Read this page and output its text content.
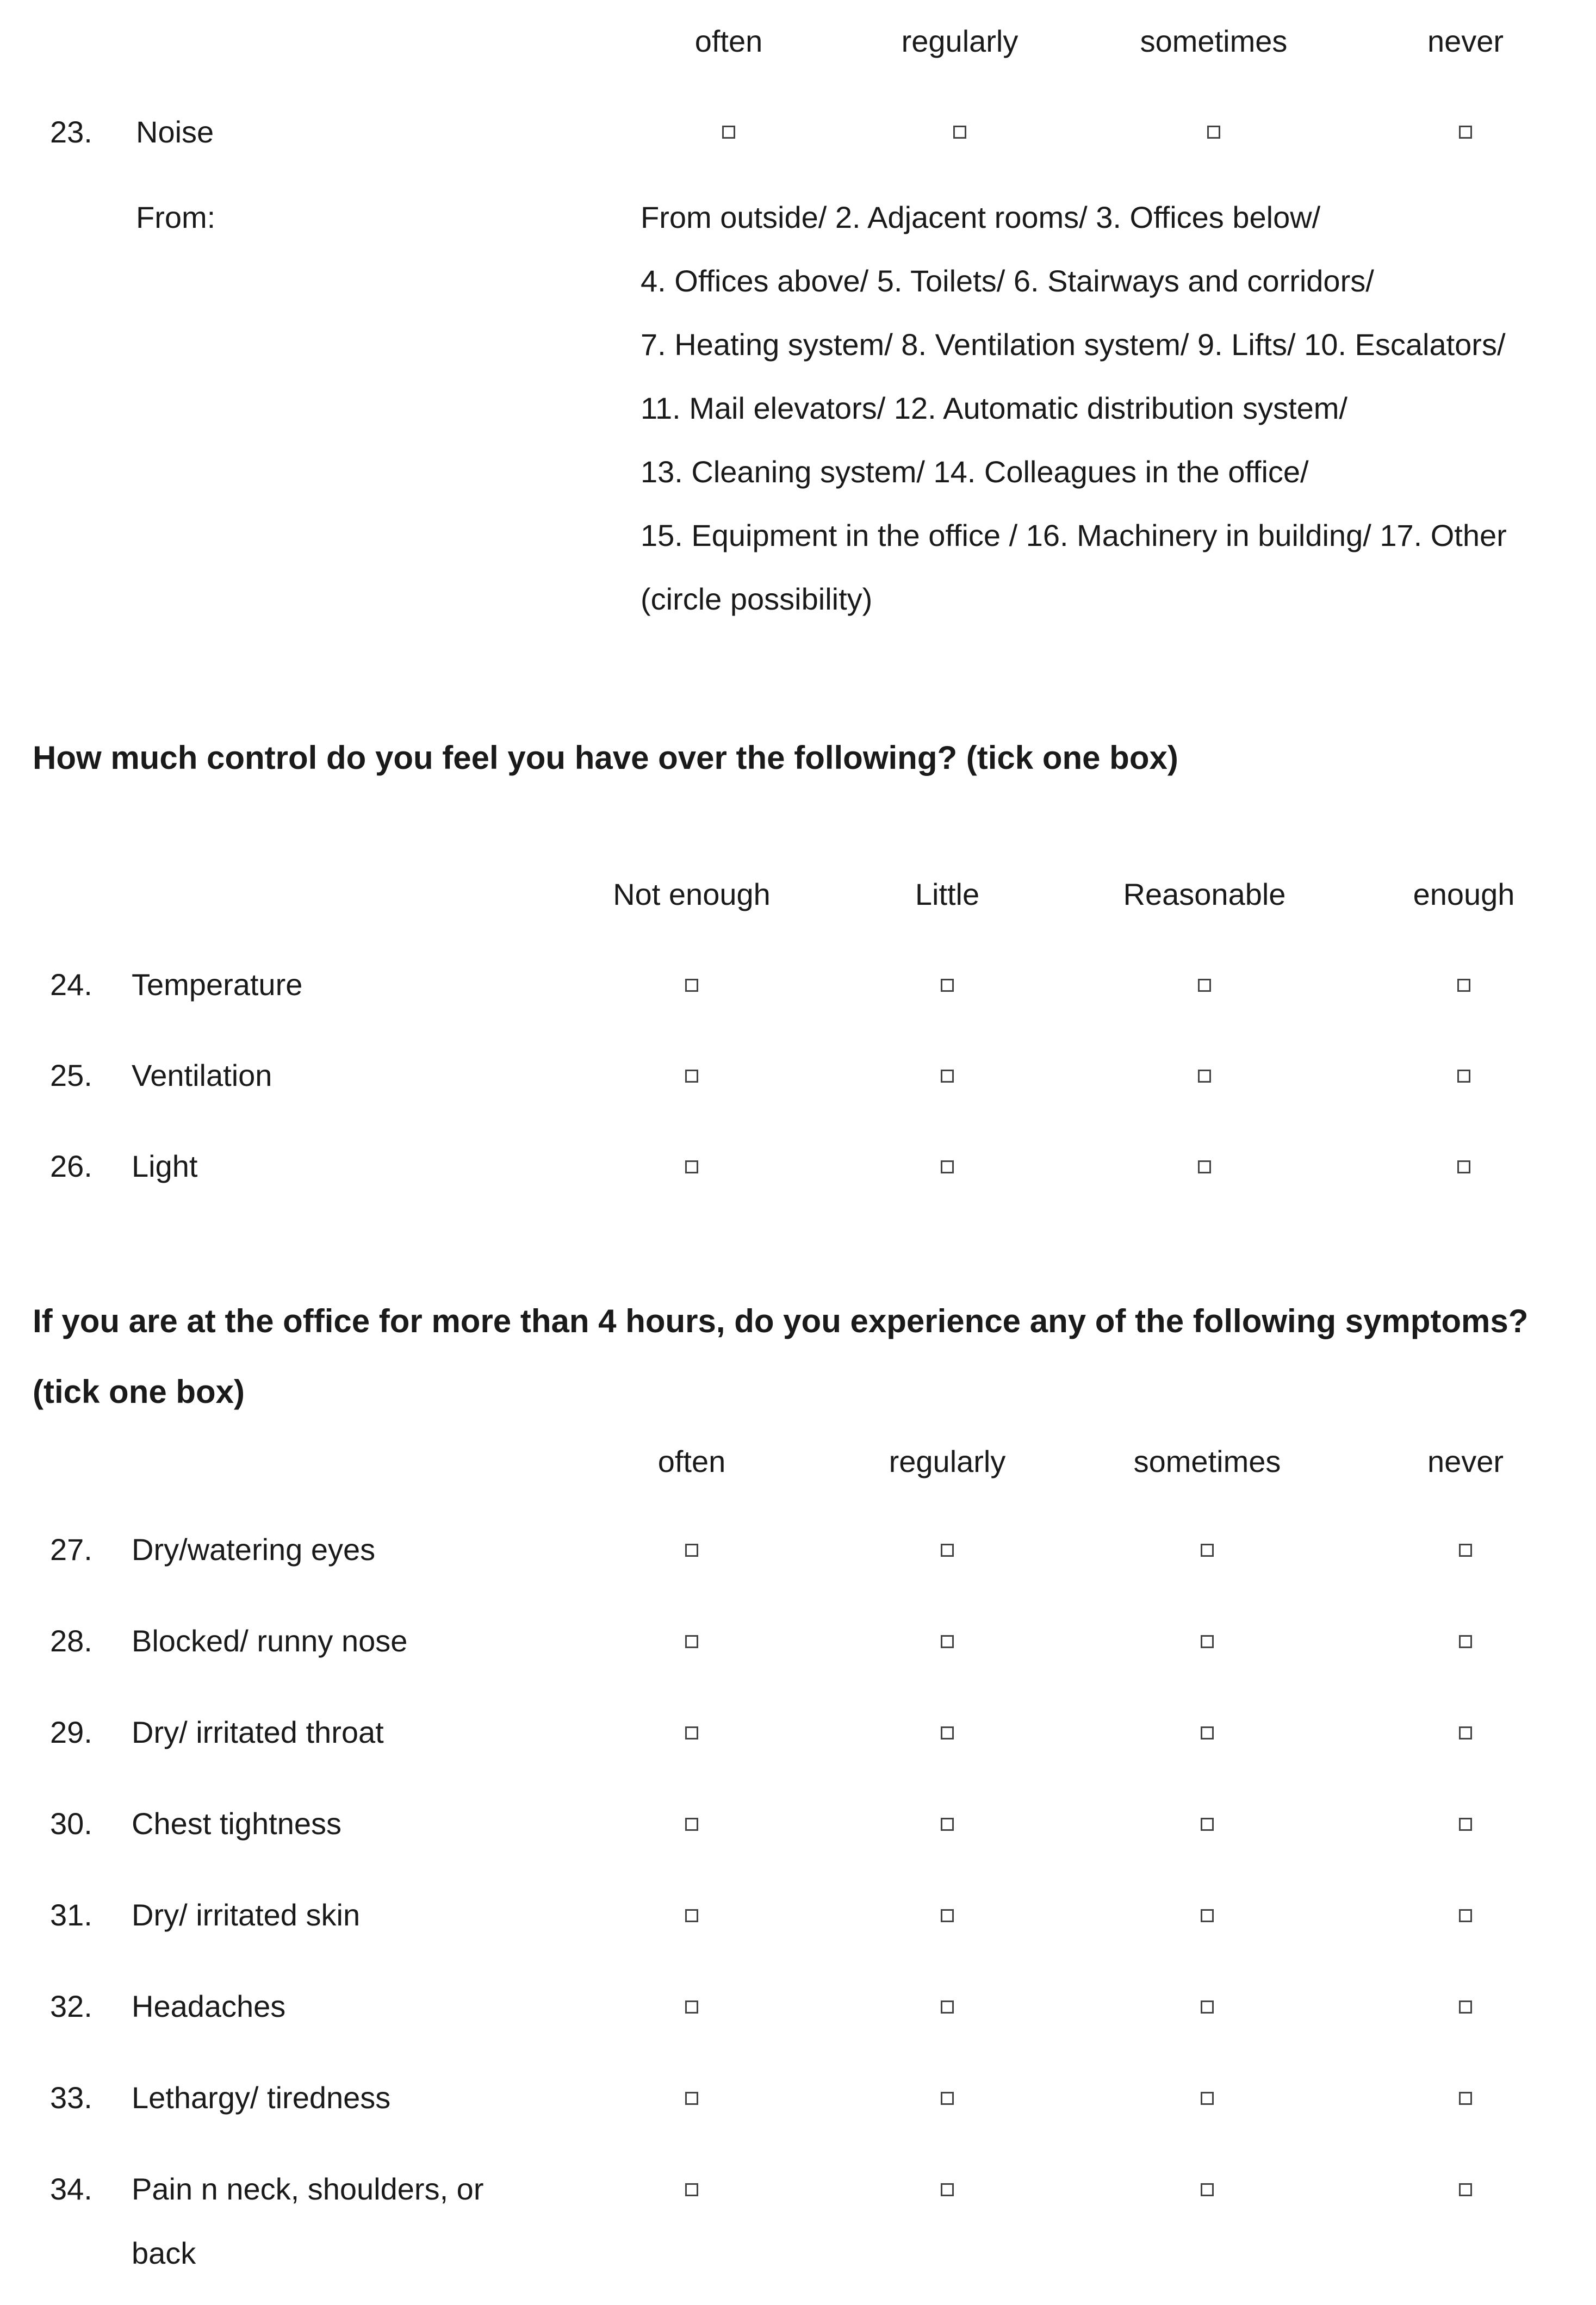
often	regularly	sometimes	never
23. Noise
From:	From outside/ 2. Adjacent rooms/ 3. Offices below/
4. Offices above/ 5. Toilets/ 6. Stairways and corridors/
7. Heating system/ 8. Ventilation system/ 9. Lifts/ 10. Escalators/
11. Mail elevators/ 12. Automatic distribution system/
13. Cleaning system/ 14. Colleagues in the office/
15. Equipment in the office / 16. Machinery in building/ 17. Other
(circle possibility)
How much control do you feel you have over the following? (tick one box)
Not enough	Little	Reasonable	enough
24. Temperature
25. Ventilation
26. Light
If you are at the office for more than 4 hours, do you experience any of the following symptoms?
(tick one box)
often	regularly	sometimes	never
27. Dry/watering eyes
28. Blocked/ runny nose
29. Dry/ irritated throat
30. Chest tightness
31. Dry/ irritated skin
32. Headaches
33. Lethargy/ tiredness
34. Pain n neck, shoulders, or
back
